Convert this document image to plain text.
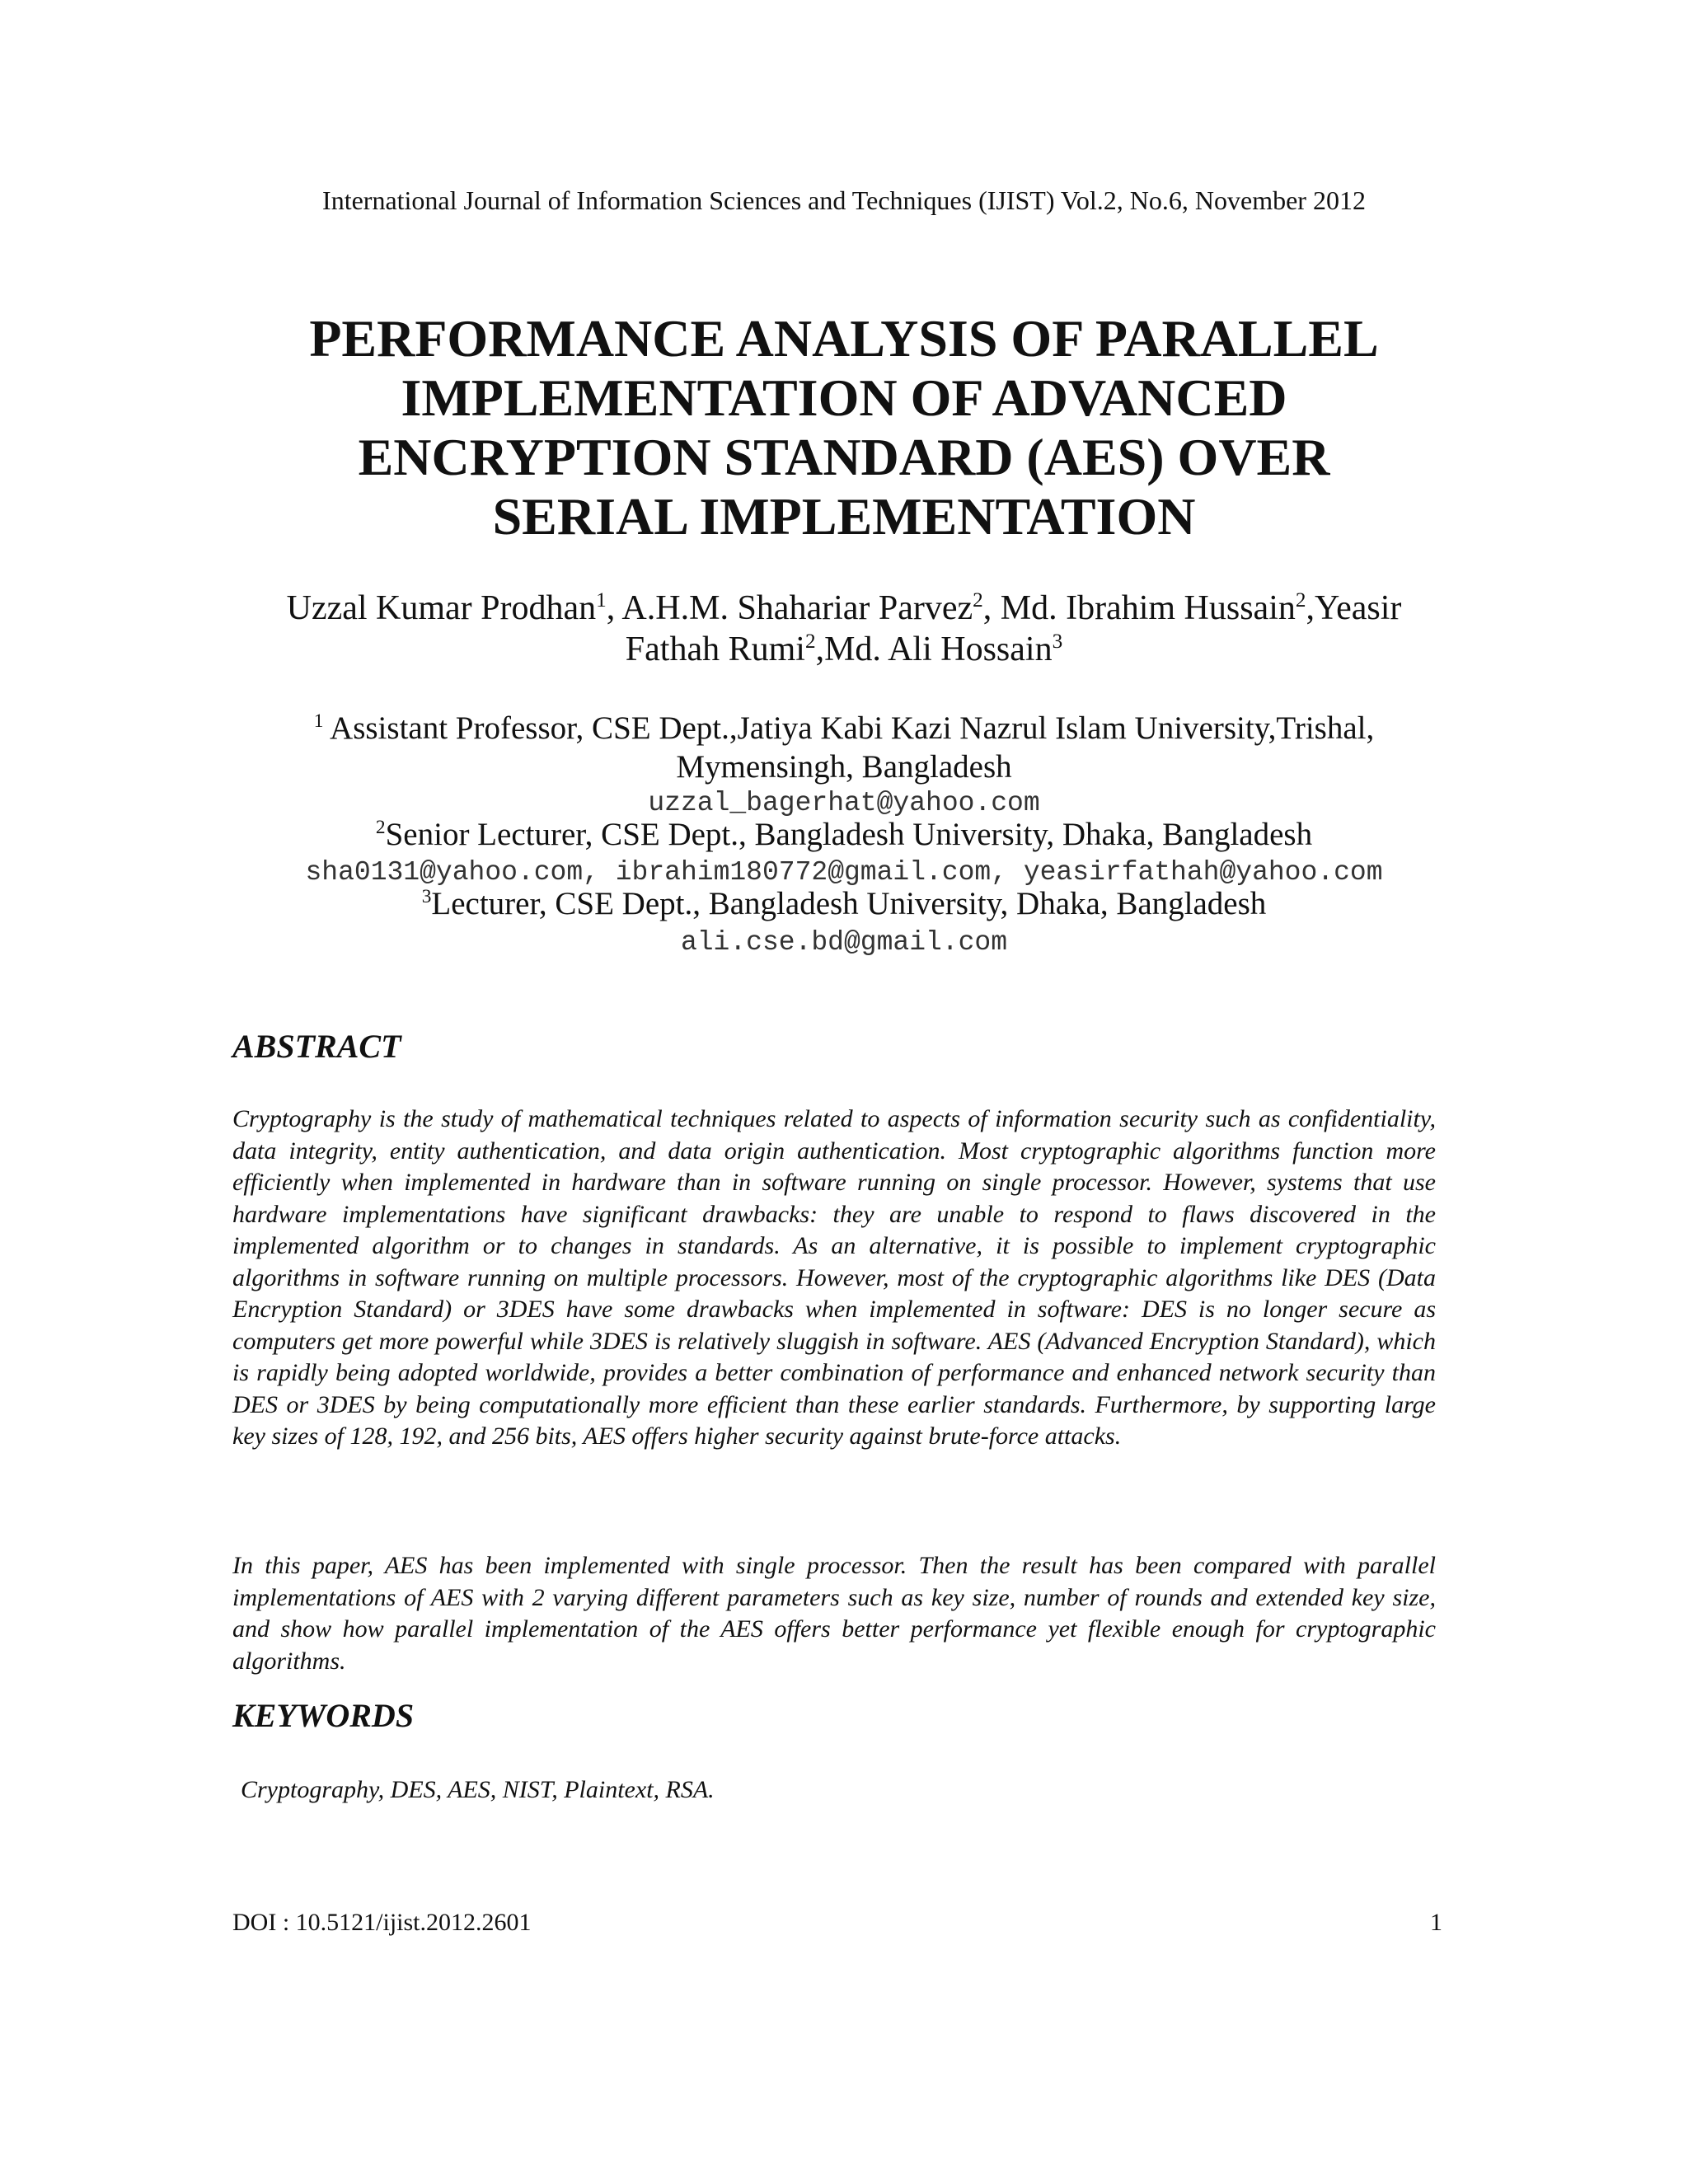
International Journal of Information Sciences and Techniques (IJIST) Vol.2, No.6, November 2012
PERFORMANCE ANALYSIS OF PARALLEL
IMPLEMENTATION OF ADVANCED
ENCRYPTION STANDARD (AES) OVER
SERIAL IMPLEMENTATION
Uzzal Kumar Prodhan$^1$, A.H.M. Shahariar Parvez$^2$, Md. Ibrahim Hussain$^2$,Yeasir
Fathah Rumi$^2$,Md. Ali Hossain$^3$
$^1$ Assistant Professor, CSE Dept.,Jatiya Kabi Kazi Nazrul Islam University,Trishal,
Mymensingh, Bangladesh
uzzal_bagerhat@yahoo.com
$^2$Senior Lecturer, CSE Dept., Bangladesh University, Dhaka, Bangladesh
sha0131@yahoo.com, ibrahim180772@gmail.com, yeasirfathah@yahoo.com
$^3$Lecturer, CSE Dept., Bangladesh University, Dhaka, Bangladesh
ali.cse.bd@gmail.com
ABSTRACT

Cryptography is the study of mathematical techniques related to aspects of information security such as confidentiality, data integrity, entity authentication, and data origin authentication. Most cryptographic algorithms function more efficiently when implemented in hardware than in software running on single processor. However, systems that use hardware implementations have significant drawbacks: they are unable to respond to flaws discovered in the implemented algorithm or to changes in standards. As an alternative, it is possible to implement cryptographic algorithms in software running on multiple processors. However, most of the cryptographic algorithms like DES (Data Encryption Standard) or 3DES have some drawbacks when implemented in software: DES is no longer secure as computers get more powerful while 3DES is relatively sluggish in software. AES (Advanced Encryption Standard), which is rapidly being adopted worldwide, provides a better combination of performance and enhanced network security than DES or 3DES by being computationally more efficient than these earlier standards. Furthermore, by supporting large key sizes of 128, 192, and 256 bits, AES offers higher security against brute-force attacks.

In this paper, AES has been implemented with single processor. Then the result has been compared with parallel implementations of AES with 2 varying different parameters such as key size, number of rounds and extended key size, and show how parallel implementation of the AES offers better performance yet flexible enough for cryptographic algorithms.

KEYWORDS
Cryptography, DES, AES, NIST, Plaintext, RSA.
DOI : 10.5121/ijist.2012.2601	1
